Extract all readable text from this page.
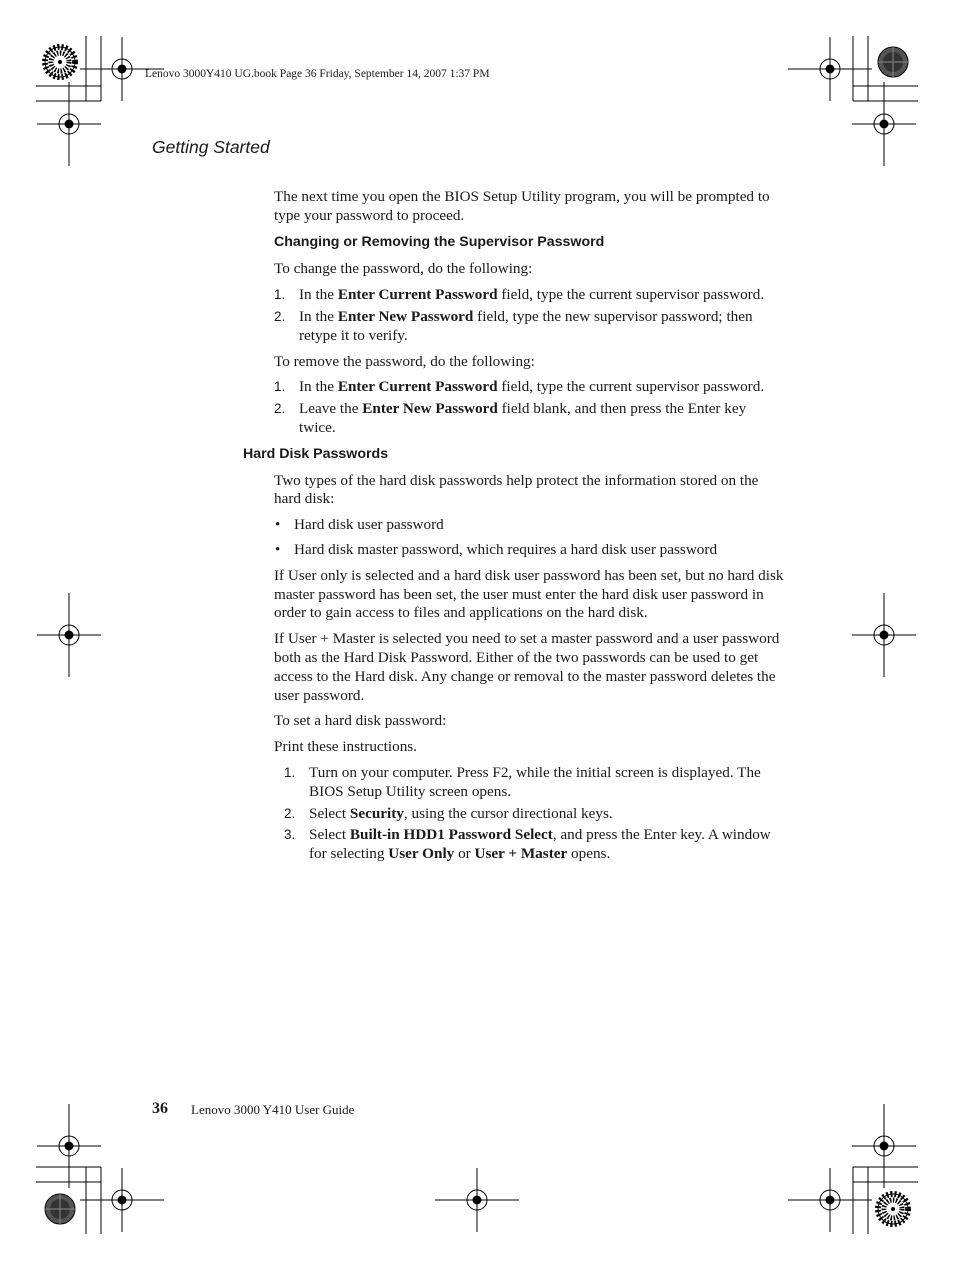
Lenovo 3000Y410 UG.book Page 36 Friday, September 14, 2007 1:37 PM
Getting Started

The next time you open the BIOS Setup Utility program, you will be prompted to type your password to proceed.

Changing or Removing the Supervisor Password

To change the password, do the following:

1. In the Enter Current Password field, type the current supervisor password.
2. In the Enter New Password field, type the new supervisor password; then retype it to verify.

To remove the password, do the following:

1. In the Enter Current Password field, type the current supervisor password.
2. Leave the Enter New Password field blank, and then press the Enter key twice.
Hard Disk Passwords

Two types of the hard disk passwords help protect the information stored on the hard disk:

• Hard disk user password
• Hard disk master password, which requires a hard disk user password

If User only is selected and a hard disk user password has been set, but no hard disk master password has been set, the user must enter the hard disk user password in order to gain access to files and applications on the hard disk.

If User + Master is selected you need to set a master password and a user password both as the Hard Disk Password. Either of the two passwords can be used to get access to the Hard disk. Any change or removal to the master password deletes the user password.

To set a hard disk password:

Print these instructions.

1. Turn on your computer. Press F2, while the initial screen is displayed. The BIOS Setup Utility screen opens.
2. Select Security, using the cursor directional keys.
3. Select Built-in HDD1 Password Select, and press the Enter key. A window for selecting User Only or User + Master opens.
36 Lenovo 3000 Y410 User Guide
